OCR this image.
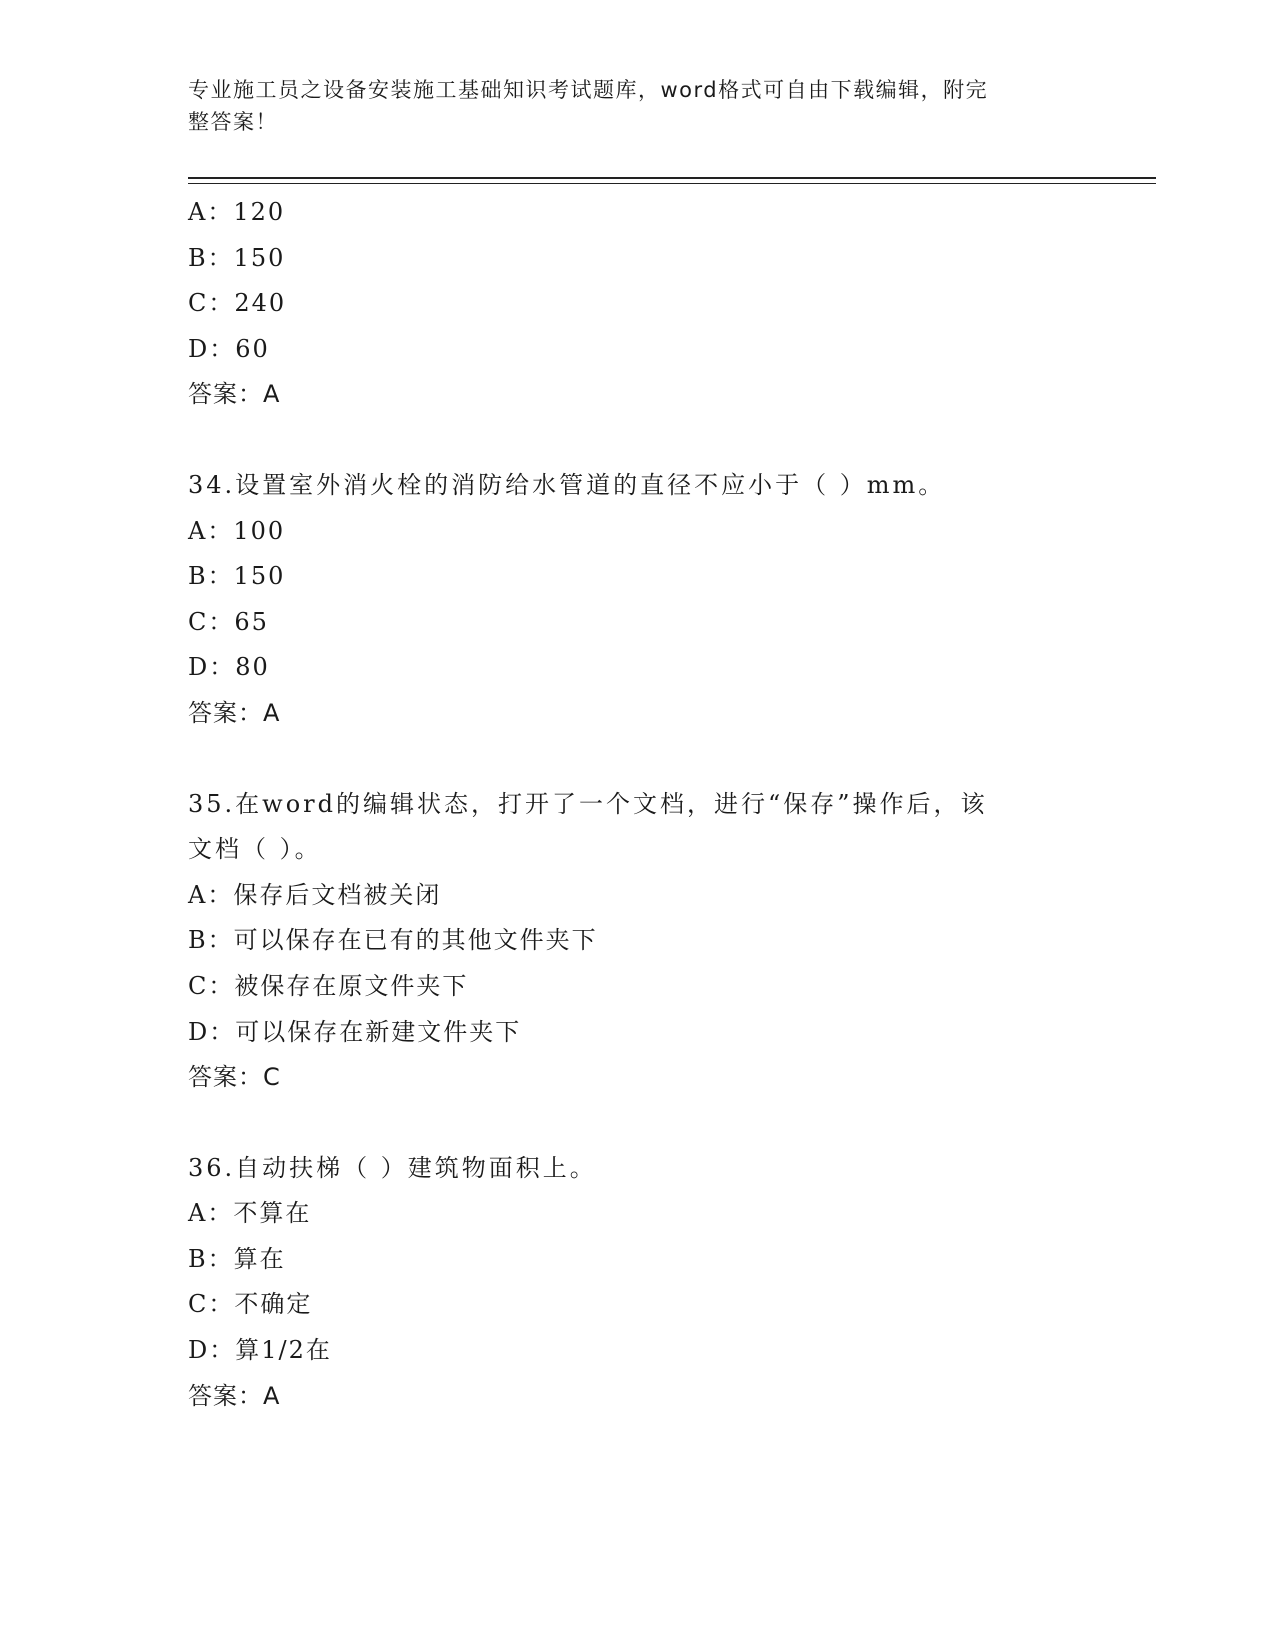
专业施工员之设备安装施工基础知识考试题库，word格式可自由下载编辑，附完
整答案！
A：120
B：150
C：240
D：60
答案：A
34.设置室外消火栓的消防给水管道的直径不应小于（ ）mm。
A：100
B：150
C：65
D：80
答案：A
35.在word的编辑状态，打开了一个文档，进行“保存”操作后，该
文档（ ）。
A：保存后文档被关闭
B：可以保存在已有的其他文件夹下
C：被保存在原文件夹下
D：可以保存在新建文件夹下
答案：C
36.自动扶梯（ ）建筑物面积上。
A：不算在
B：算在
C：不确定
D：算1/2在
答案：A
